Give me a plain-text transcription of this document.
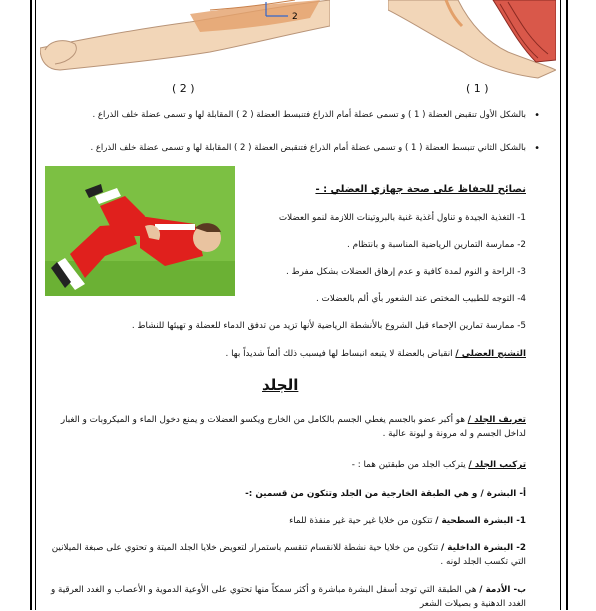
2
( 2 )	( 1 )
•
بالشكل الأول تنقبض العضلة ( 1 ) و تسمى عضلة أمام الذراع فتنبسط العضلة ( 2 ) المقابلة لها و تسمى عضلة خلف الذراع .
•
بالشكل الثاني تنبسط العضلة ( 1 ) و تسمى عضلة أمام الذراع فتنقبض العضلة ( 2 ) المقابلة لها و تسمى عضلة خلف الذراع .
نصائح للحفاظ على صحة جهازي العضلي : -
1- التغذية الجيدة و تناول أغذية غنية بالبروتينات اللازمة لنمو العضلات
2- ممارسة التمارين الرياضية المناسبة و بانتظام .
3- الراحة و النوم لمدة كافية و عدم إرهاق العضلات بشكل مفرط .
4- التوجه للطبيب المختص عند الشعور بأي ألم بالعضلات .
5- ممارسة تمارين الإحماء قبل الشروع بالأنشطة الرياضية لأنها تزيد من تدفق الدماء للعضلة و تهيئها للنشاط .
التشنج العضلي / انقباض بالعضلة لا يتبعه انبساط لها فيسبب ذلك ألماً شديداً بها .
الجلد
تعريف الجلد / هو أكبر عضو بالجسم يغطي الجسم بالكامل من الخارج ويكسو العضلات و يمنع دخول الماء و الميكروبات و الغبار لداخل الجسم و له مرونة و ليونة عالية .
تركيب الجلد / يتركب الجلد من طبقتين هما : -
أ- البشرة / و هي الطبقة الخارجية من الجلد وتتكون من قسمين :-
1- البشرة السطحية / تتكون من خلايا غير حية غير منفذة للماء
2- البشرة الداخلية / تتكون من خلايا حية نشطة للانقسام تنقسم باستمرار لتعويض خلايا الجلد الميتة و تحتوي على صبغة الميلانين التي تكسب الجلد لونه .
ب- الأدمة / هي الطبقة التي توجد أسفل البشرة مباشرة و أكثر سمكاً منها تحتوي على الأوعية الدموية و الأعصاب و الغدد العرقية و الغدد الدهنية و بصيلات الشعر
